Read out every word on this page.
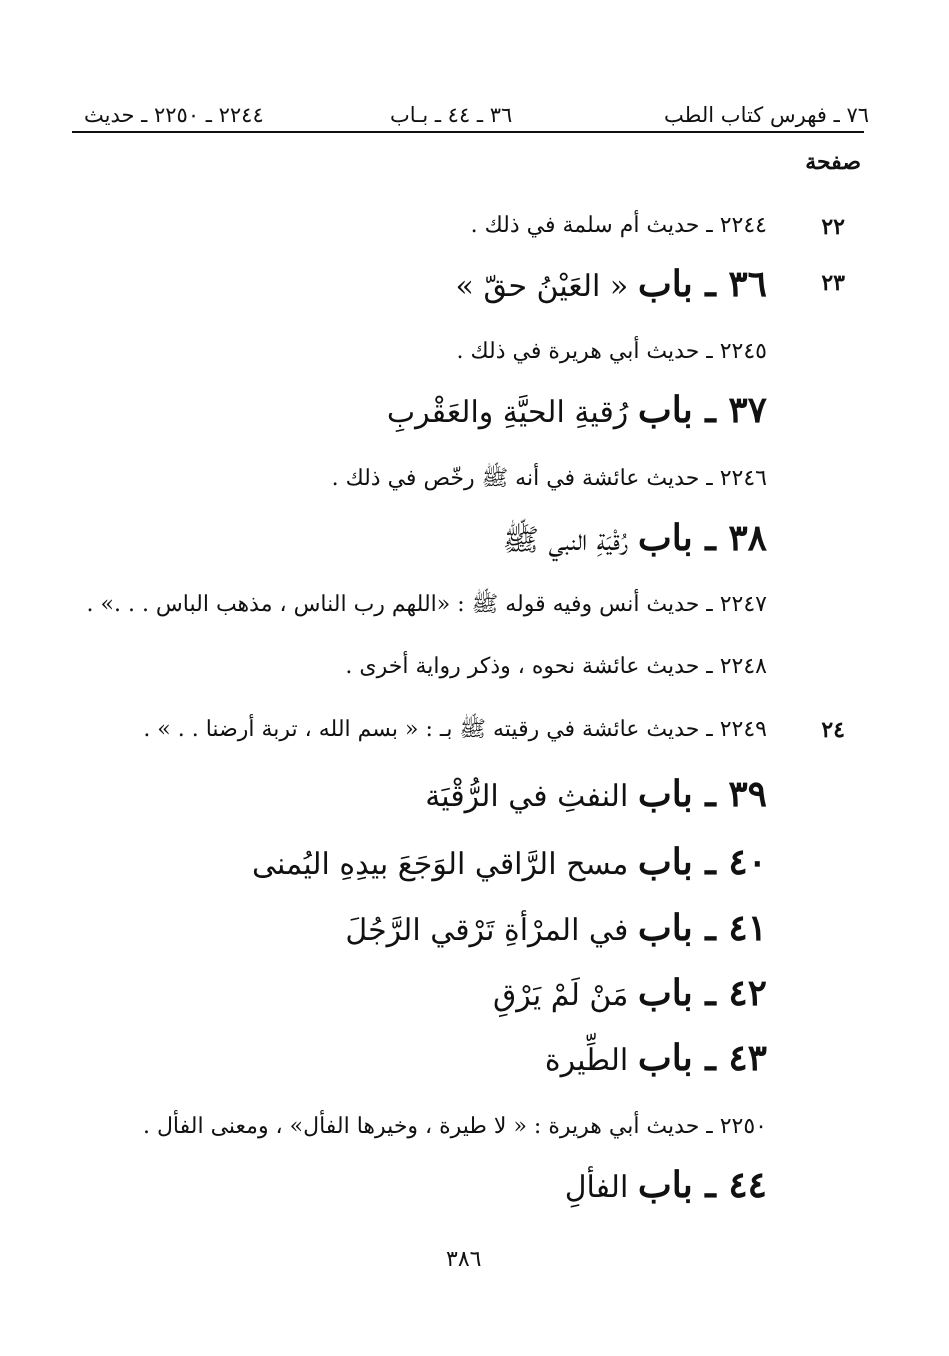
٧٦ ـ فهرس كتاب الطب
٣٦ ـ ٤٤ ـ بـاب
٢٢٤٤ ـ ٢٢٥٠ ـ حديث
صفحة
٢٢
٢٣
٢٤
٢٢٤٤ ـ حديث أم سلمة في ذلك .
٣٦ ـ باب « العَيْنُ حقّ »
٢٢٤٥ ـ حديث أبي هريرة في ذلك .
٣٧ ـ باب رُقيةِ الحيَّةِ والعَقْربِ
٢٢٤٦ ـ حديث عائشة في أنه ﷺ رخّص في ذلك .
٣٨ ـ باب رُقْيَةِ النبي ﷺ
٢٢٤٧ ـ حديث أنس وفيه قوله ﷺ : «اللهم رب الناس ، مذهب الباس . . .» .
٢٢٤٨ ـ حديث عائشة نحوه ، وذكر رواية أخرى .
٢٢٤٩ ـ حديث عائشة في رقيته ﷺ بـ : « بسم الله ، تربة أرضنا . . » .
٣٩ ـ باب النفثِ في الرُّقْيَة
٤٠ ـ باب مسح الرَّاقي الوَجَعَ بيدِهِ اليُمنى
٤١ ـ باب في المرْأةِ تَرْقي الرَّجُلَ
٤٢ ـ باب مَنْ لَمْ يَرْقِ
٤٣ ـ باب الطِّيرة
٢٢٥٠ ـ حديث أبي هريرة : « لا طيرة ، وخيرها الفأل» ، ومعنى الفأل .
٤٤ ـ باب الفألِ
٣٨٦
